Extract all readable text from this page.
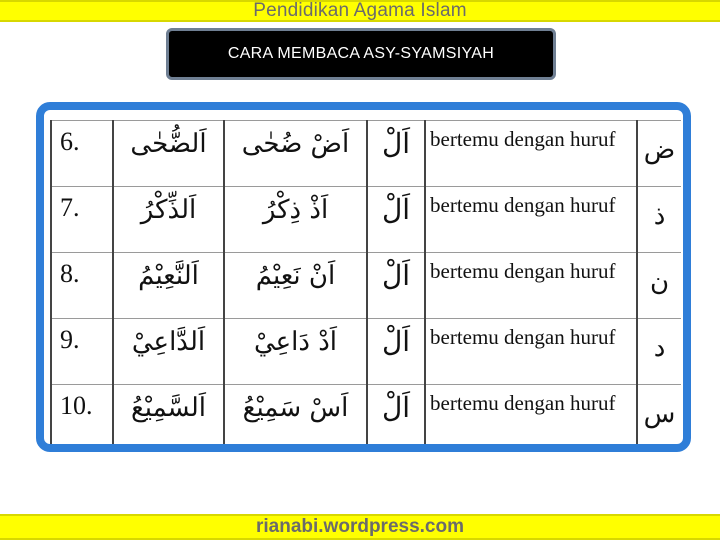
Pendidikan Agama Islam
CARA MEMBACA ASY-SYAMSIYAH
6.	اَلضُّحٰى	اَضْ ضُحٰى	اَلْ	bertemu dengan huruf	ض
7.	اَلذِّكْرُ	اَذْ ذِكْرُ	اَلْ	bertemu dengan huruf	ذ
8.	اَلنَّعِيْمُ	اَنْ نَعِيْمُ	اَلْ	bertemu dengan huruf	ن
9.	اَلدَّاعِيْ	اَدْ دَاعِيْ	اَلْ	bertemu dengan huruf	د
10.	اَلسَّمِيْعُ	اَسْ سَمِيْعُ	اَلْ	bertemu dengan huruf	س
rianabi.wordpress.com
